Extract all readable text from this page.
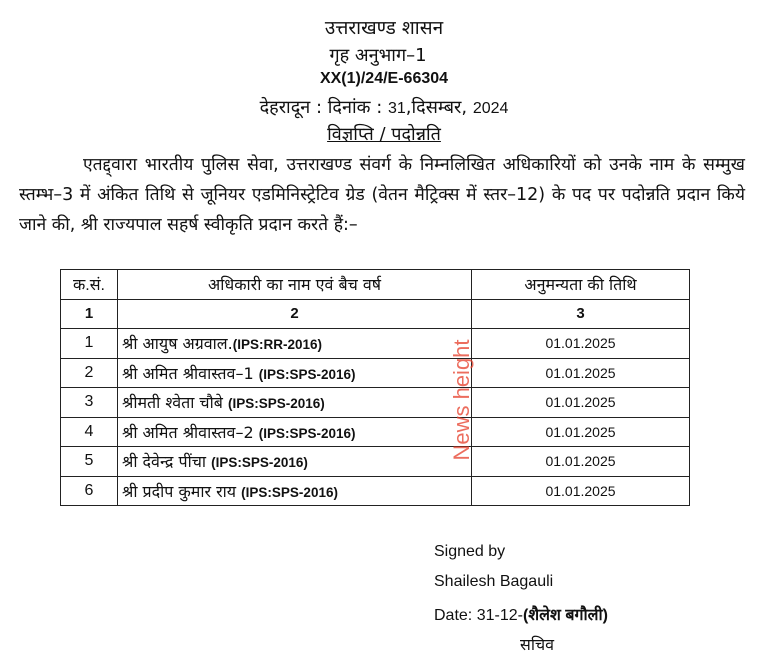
उत्तराखण्ड शासन
गृह अनुभाग–1
XX(1)/24/E-66304
देहरादून : दिनांक : 31,दिसम्बर, 2024
विज्ञप्ति / पदोन्नति
एतद्द्वारा भारतीय पुलिस सेवा, उत्तराखण्ड संवर्ग के निम्नलिखित अधिकारियों को उनके नाम के सम्मुख स्तम्भ–3 में अंकित तिथि से जूनियर एडमिनिस्ट्रेटिव ग्रेड (वेतन मैट्रिक्स में स्तर–12) के पद पर पदोन्नति प्रदान किये जाने की, श्री राज्यपाल सहर्ष स्वीकृति प्रदान करते हैं:–
क.सं.	अधिकारी का नाम एवं बैच वर्ष	अनुमन्यता की तिथि
1	2	3
1	श्री आयुष अग्रवाल.(IPS:RR-2016)	01.01.2025
2	श्री अमित श्रीवास्तव–1 (IPS:SPS-2016)	01.01.2025
3	श्रीमती श्वेता चौबे (IPS:SPS-2016)	01.01.2025
4	श्री अमित श्रीवास्तव–2 (IPS:SPS-2016)	01.01.2025
5	श्री देवेन्द्र पींचा (IPS:SPS-2016)	01.01.2025
6	श्री प्रदीप कुमार राय (IPS:SPS-2016)	01.01.2025
News height
Signed by
Shailesh Bagauli
Date: 31-12-(शैलेश बगौली)
सचिव
